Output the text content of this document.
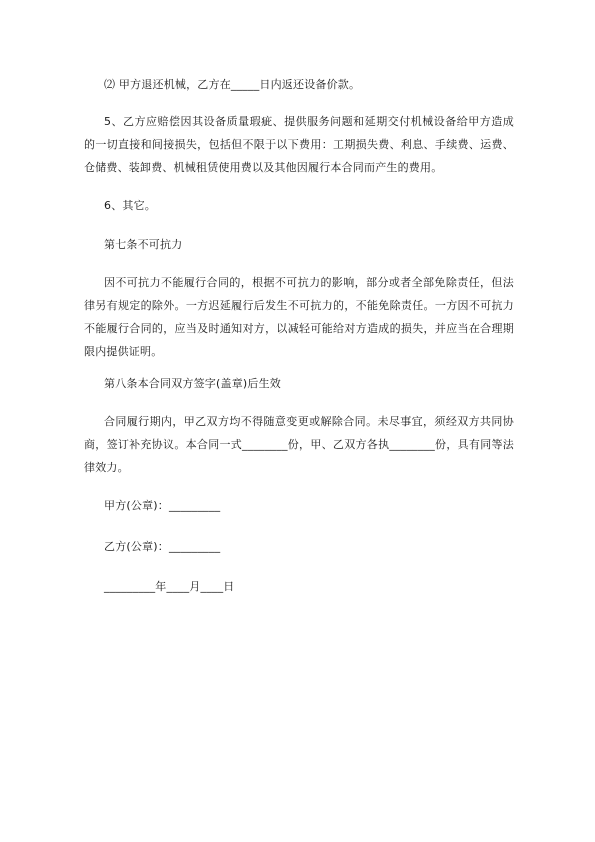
⑵ 甲方退还机械，乙方在_____日内返还设备价款。

5、乙方应赔偿因其设备质量瑕疵、提供服务问题和延期交付机械设备给甲方造成的一切直接和间接损失，包括但不限于以下费用：工期损失费、利息、手续费、运费、仓储费、装卸费、机械租赁使用费以及其他因履行本合同而产生的费用。

6、其它。

第七条不可抗力

因不可抗力不能履行合同的，根据不可抗力的影响，部分或者全部免除责任，但法律另有规定的除外。一方迟延履行后发生不可抗力的，不能免除责任。一方因不可抗力不能履行合同的，应当及时通知对方，以减轻可能给对方造成的损失，并应当在合理期限内提供证明。

第八条本合同双方签字(盖章)后生效

合同履行期内，甲乙双方均不得随意变更或解除合同。未尽事宜，须经双方共同协商，签订补充协议。本合同一式________份，甲、乙双方各执________份，具有同等法律效力。

甲方(公章)：_________

乙方(公章)：_________

_________年____月____日
